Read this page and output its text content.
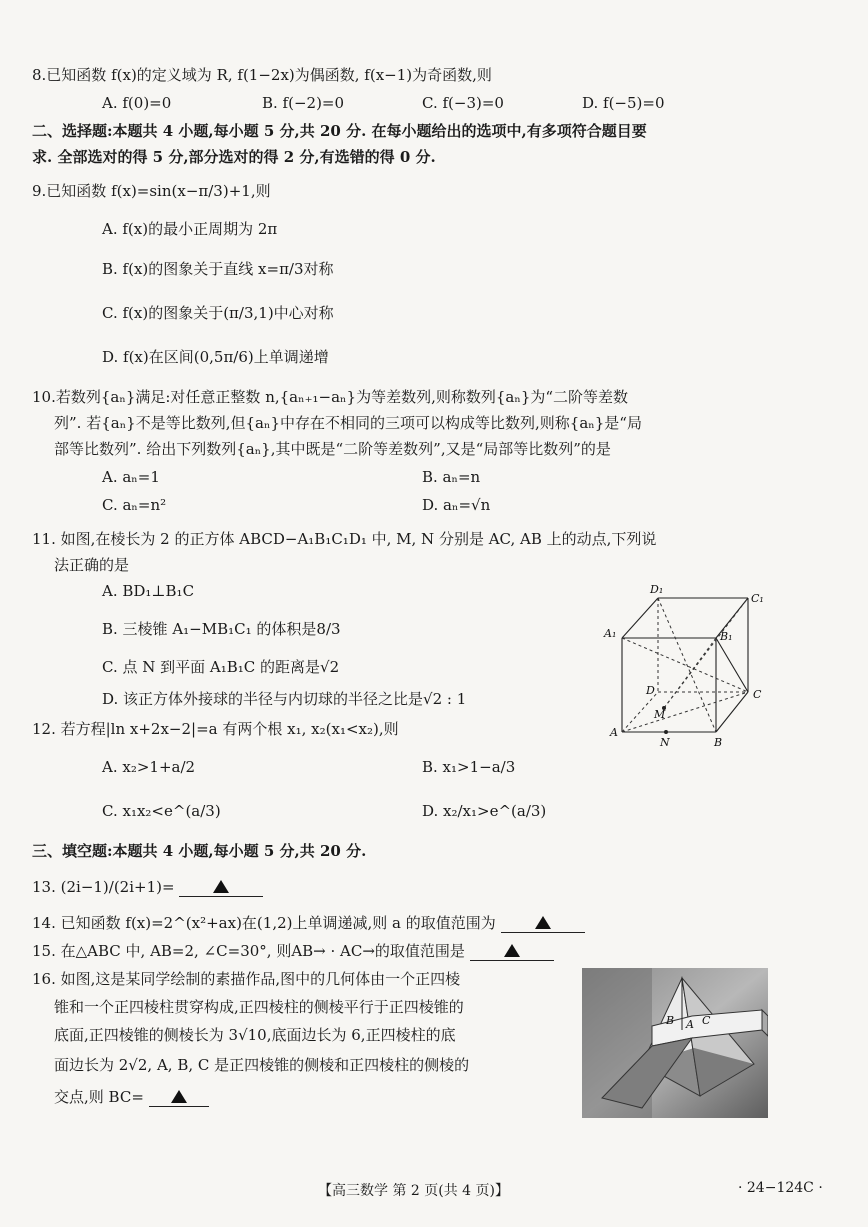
8.已知函数 f(x)的定义域为 R, f(1−2x)为偶函数, f(x−1)为奇函数,则
A. f(0)=0	B. f(−2)=0	C. f(−3)=0	D. f(−5)=0
二、选择题:本题共 4 小题,每小题 5 分,共 20 分. 在每小题给出的选项中,有多项符合题目要
求. 全部选对的得 5 分,部分选对的得 2 分,有选错的得 0 分.
9.已知函数 f(x)=sin(x−π/3)+1,则
A. f(x)的最小正周期为 2π
B. f(x)的图象关于直线 x=π/3对称
C. f(x)的图象关于(π/3,1)中心对称
D. f(x)在区间(0,5π/6)上单调递增
10.若数列{aₙ}满足:对任意正整数 n,{aₙ₊₁−aₙ}为等差数列,则称数列{aₙ}为“二阶等差数
列”. 若{aₙ}不是等比数列,但{aₙ}中存在不相同的三项可以构成等比数列,则称{aₙ}是“局
部等比数列”. 给出下列数列{aₙ},其中既是“二阶等差数列”,又是“局部等比数列”的是
A. aₙ=1	B. aₙ=n
C. aₙ=n²	D. aₙ=√n
11. 如图,在棱长为 2 的正方体 ABCD−A₁B₁C₁D₁ 中, M, N 分别是 AC, AB 上的动点,下列说
法正确的是
A. BD₁⊥B₁C
B. 三棱锥 A₁−MB₁C₁ 的体积是8/3
C. 点 N 到平面 A₁B₁C 的距离是√2
D. 该正方体外接球的半径与内切球的半径之比是√2 : 1
D₁
C₁
A₁	B₁
D	C
M
A
N	B
12. 若方程|ln x+2x−2|=a 有两个根 x₁, x₂(x₁<x₂),则
A. x₂>1+a/2	B. x₁>1−a/3
C. x₁x₂<e^(a/3)	D. x₂/x₁>e^(a/3)
三、填空题:本题共 4 小题,每小题 5 分,共 20 分.
13. (2i−1)/(2i+1)=
14. 已知函数 f(x)=2^(x²+ax)在(1,2)上单调递减,则 a 的取值范围为
15. 在△ABC 中, AB=2, ∠C=30°, 则AB→ · AC→的取值范围是
16. 如图,这是某同学绘制的素描作品,图中的几何体由一个正四棱
锥和一个正四棱柱贯穿构成,正四棱柱的侧棱平行于正四棱锥的
底面,正四棱锥的侧棱长为 3√10,底面边长为 6,正四棱柱的底
面边长为 2√2, A, B, C 是正四棱锥的侧棱和正四棱柱的侧棱的
交点,则 BC=
B A C
【高三数学 第 2 页(共 4 页)】	· 24−124C ·
